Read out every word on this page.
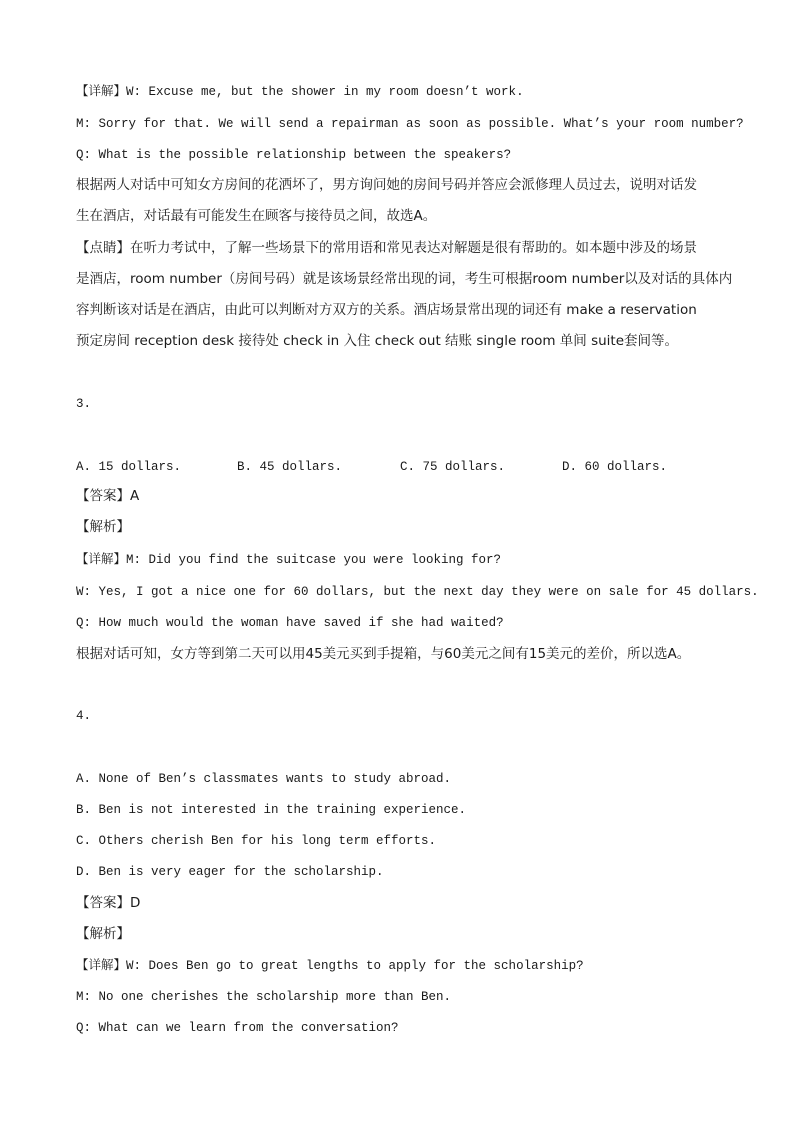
【详解】W: Excuse me, but the shower in my room doesn’t work.
M: Sorry for that. We will send a repairman as soon as possible. What’s your room number?
Q: What is the possible relationship between the speakers?
根据两人对话中可知女方房间的花洒坏了，男方询问她的房间号码并答应会派修理人员过去，说明对话发
生在酒店，对话最有可能发生在顾客与接待员之间，故选A。
【点睛】在听力考试中，了解一些场景下的常用语和常见表达对解题是很有帮助的。如本题中涉及的场景
是酒店，room number（房间号码）就是该场景经常出现的词，考生可根据room number以及对话的具体内
容判断该对话是在酒店，由此可以判断对方双方的关系。酒店场景常出现的词还有 make a reservation
预定房间 reception desk 接待处 check in 入住 check out 结账 single room 单间 suite套间等。
3.
A. 15 dollars.	B. 45 dollars.	C. 75 dollars.	D. 60 dollars.
【答案】A
【解析】
【详解】M: Did you find the suitcase you were looking for?
W: Yes, I got a nice one for 60 dollars, but the next day they were on sale for 45 dollars.
Q: How much would the woman have saved if she had waited?
根据对话可知，女方等到第二天可以用45美元买到手提箱，与60美元之间有15美元的差价，所以选A。
4.
A. None of Ben’s classmates wants to study abroad.
B. Ben is not interested in the training experience.
C. Others cherish Ben for his long term efforts.
D. Ben is very eager for the scholarship.
【答案】D
【解析】
【详解】W: Does Ben go to great lengths to apply for the scholarship?
M: No one cherishes the scholarship more than Ben.
Q: What can we learn from the conversation?
